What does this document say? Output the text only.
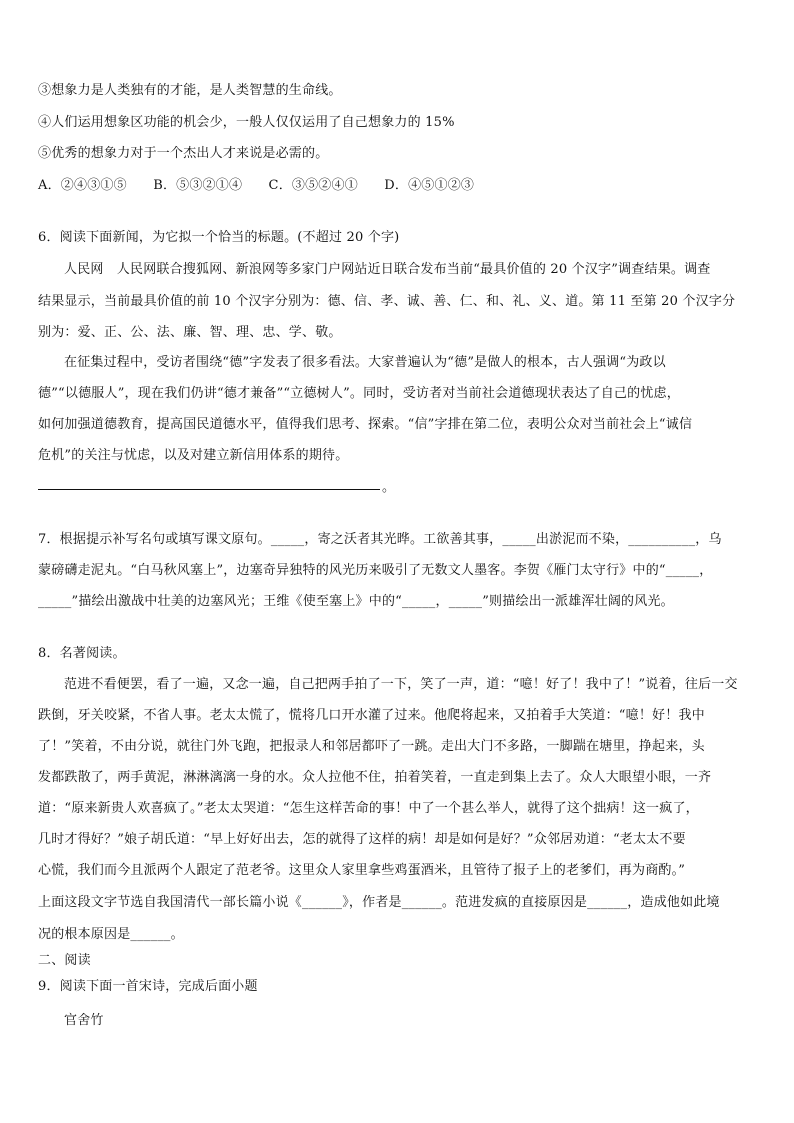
③想象力是人类独有的才能，是人类智慧的生命线。
④人们运用想象区功能的机会少，一般人仅仅运用了自己想象力的 15%
⑤优秀的想象力对于一个杰出人才来说是必需的。
A．②④③①⑤　　B．⑤③②①④　　C．③⑤②④①　　D．④⑤①②③
6．阅读下面新闻，为它拟一个恰当的标题。(不超过 20 个字)
人民网　人民网联合搜狐网、新浪网等多家门户网站近日联合发布当前“最具价值的 20 个汉字”调查结果。调查
结果显示，当前最具价值的前 10 个汉字分别为：德、信、孝、诚、善、仁、和、礼、义、道。第 11 至第 20 个汉字分
别为：爱、正、公、法、廉、智、理、忠、学、敬。
在征集过程中，受访者围绕“德”字发表了很多看法。大家普遍认为“德”是做人的根本，古人强调“为政以
德”“以德服人”，现在我们仍讲“德才兼备”“立德树人”。同时，受访者对当前社会道德现状表达了自己的忧虑，
如何加强道德教育，提高国民道德水平，值得我们思考、探索。“信”字排在第二位，表明公众对当前社会上“诚信
危机”的关注与忧虑，以及对建立新信用体系的期待。
。
7．根据提示补写名句或填写课文原句。_____，寄之沃者其光晔。工欲善其事，_____出淤泥而不染，__________，乌
蒙磅礴走泥丸。“白马秋风塞上”，边塞奇异独特的风光历来吸引了无数文人墨客。李贺《雁门太守行》中的“_____，
_____”描绘出激战中壮美的边塞风光；王维《使至塞上》中的“_____，_____”则描绘出一派雄浑壮阔的风光。
8．名著阅读。
范进不看便罢，看了一遍，又念一遍，自己把两手拍了一下，笑了一声，道：“噫！好了！我中了！”说着，往后一交
跌倒，牙关咬紧，不省人事。老太太慌了，慌将几口开水灌了过来。他爬将起来，又拍着手大笑道：“噫！好！我中
了！”笑着，不由分说，就往门外飞跑，把报录人和邻居都吓了一跳。走出大门不多路，一脚踹在塘里，挣起来，头
发都跌散了，两手黄泥，淋淋漓漓一身的水。众人拉他不住，拍着笑着，一直走到集上去了。众人大眼望小眼，一齐
道：“原来新贵人欢喜疯了。”老太太哭道：“怎生这样苦命的事！中了一个甚么举人，就得了这个拙病！这一疯了，
几时才得好？”娘子胡氏道：“早上好好出去，怎的就得了这样的病！却是如何是好？”众邻居劝道：“老太太不要
心慌，我们而今且派两个人跟定了范老爷。这里众人家里拿些鸡蛋酒米，且管待了报子上的老爹们，再为商酌。”
上面这段文字节选自我国清代一部长篇小说《______》，作者是______。范进发疯的直接原因是______，造成他如此境
况的根本原因是______。
二、阅读
9．阅读下面一首宋诗，完成后面小题
官舍竹
